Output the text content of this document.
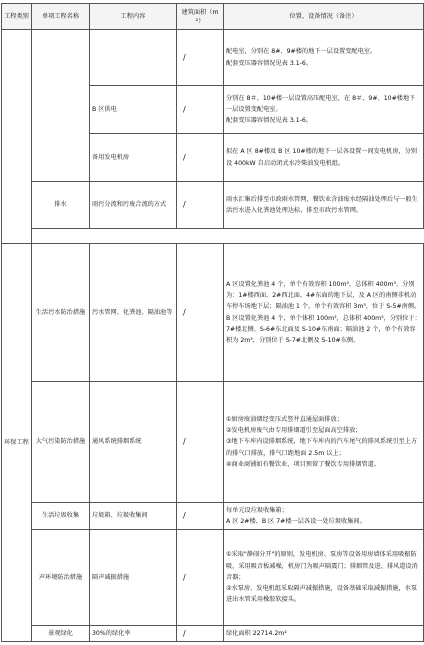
工程类别	单项工程名称	工程内容	建筑面积（m²）	位置、设备情况（备注）
			/	配电室，分别在 8#、9#楼的地下一层设置变配电室。
配套变压器容情况见表 3.1-6。

		B 区供电	/	分别在 8＃、10#楼一层设置高压配电室，在 8＃、9#、10#楼地下一层设置变配电室。
配套变压器容情况见表 3.1-6。

		备用发电机房	/	拟在 A 区 8#楼及 B 区 10#楼的地下一层各设置一间发电机房，分别设 400kW 自启动闭式水冷柴油发电机组。
	排水	雨污分流和污废合流的方式	/	雨水汇集后排至市政雨水管网，餐饮业含油废水经隔油处理后与一般生活污水进入化粪池处理达标，排至市政污水管网。

环保工程	生活污水防治措施	污水管网、化粪池、隔油池等	/	A 区设置化粪池 4 个，单个有效容积 100m³，总体积 400m³，分别为：1#楼西面、2#西北面、4#东面的地下层，及 A 区的南侧非机动车停车场地下层；隔油池 1 个，单个有效容积 3m³，位于 S-5#南侧。
B 区设置化粪池 4 个，单个体积 100m³，总体积 400m³，分别位于：7#楼北侧、S-6#东北面及 S-10#东南面；隔油池 2 个，单个有效容积为 2m³，分别位于 S-7#北侧及 S-10#东侧。

	大气污染防治措施	通风系统排烟系统	/	①厨房废油烟经变压式竖井直通屋面排放；
②发电机房废气由专用排烟道引至屋面高空排放；
③地下车库内设排烟系统，地下车库内的汽车尾气的排风系统引至上方的排气口排放，排气口距地面 2.5m 以上；
④商业商铺如有餐饮业，项目预留了餐饮专用排烟管道。

	生活垃圾收集	垃圾箱、垃圾收集间	/	每单元设垃圾收集箱；
A 区 2#楼、B 区 7#楼一层各设一处垃圾收集间。

	声环境防治措施	隔声减振措施	/	①采取"静闹分开"的原则，发电机房、泵房等设备用房墙体采用吸振防吸，采用吸音板减噪，机房门为吸声隔震门；排烟管及进、排风道设消音器；
②水泵房、发电机组采取隔声减振措施，设备基础采取减振措施，水泵进出水管采用橡胶软接头。

	景观绿化	30%的绿化率	/	绿化面积 22714.2m²
